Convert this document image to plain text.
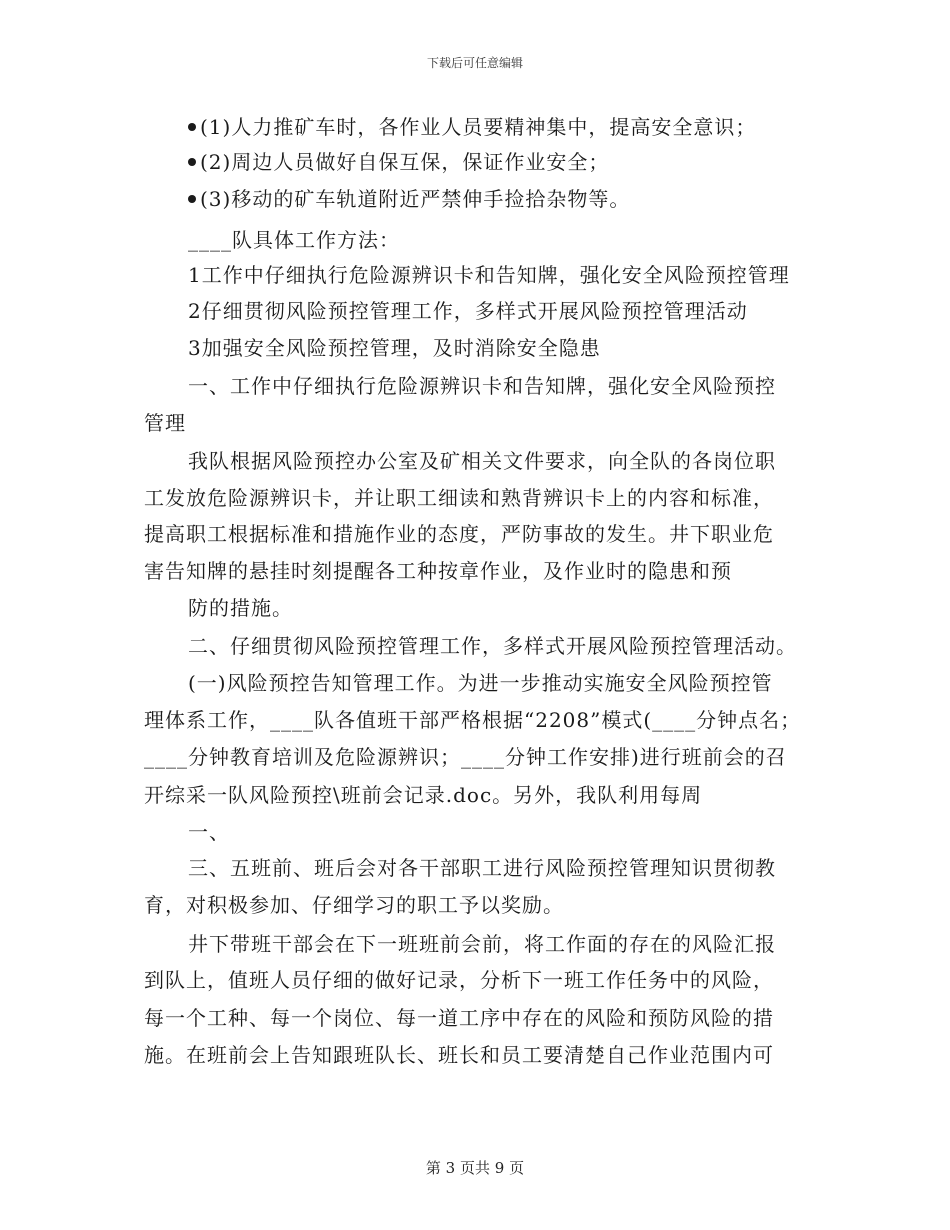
下载后可任意编辑
(1)人力推矿车时，各作业人员要精神集中，提高安全意识；
(2)周边人员做好自保互保，保证作业安全；
(3)移动的矿车轨道附近严禁伸手捡拾杂物等。
____队具体工作方法：
1工作中仔细执行危险源辨识卡和告知牌，强化安全风险预控管理
2仔细贯彻风险预控管理工作，多样式开展风险预控管理活动
3加强安全风险预控管理，及时消除安全隐患
一、工作中仔细执行危险源辨识卡和告知牌，强化安全风险预控
管理
我队根据风险预控办公室及矿相关文件要求，向全队的各岗位职
工发放危险源辨识卡，并让职工细读和熟背辨识卡上的内容和标准，
提高职工根据标准和措施作业的态度，严防事故的发生。井下职业危
害告知牌的悬挂时刻提醒各工种按章作业，及作业时的隐患和预
防的措施。
二、仔细贯彻风险预控管理工作，多样式开展风险预控管理活动。
(一)风险预控告知管理工作。为进一步推动实施安全风险预控管
理体系工作，____队各值班干部严格根据“2208”模式(____分钟点名；
____分钟教育培训及危险源辨识；____分钟工作安排)进行班前会的召
开综采一队风险预控\班前会记录.doc。另外，我队利用每周
一、
三、五班前、班后会对各干部职工进行风险预控管理知识贯彻教
育，对积极参加、仔细学习的职工予以奖励。
井下带班干部会在下一班班前会前，将工作面的存在的风险汇报
到队上，值班人员仔细的做好记录，分析下一班工作任务中的风险，
每一个工种、每一个岗位、每一道工序中存在的风险和预防风险的措
施。在班前会上告知跟班队长、班长和员工要清楚自己作业范围内可
第 3 页共 9 页
